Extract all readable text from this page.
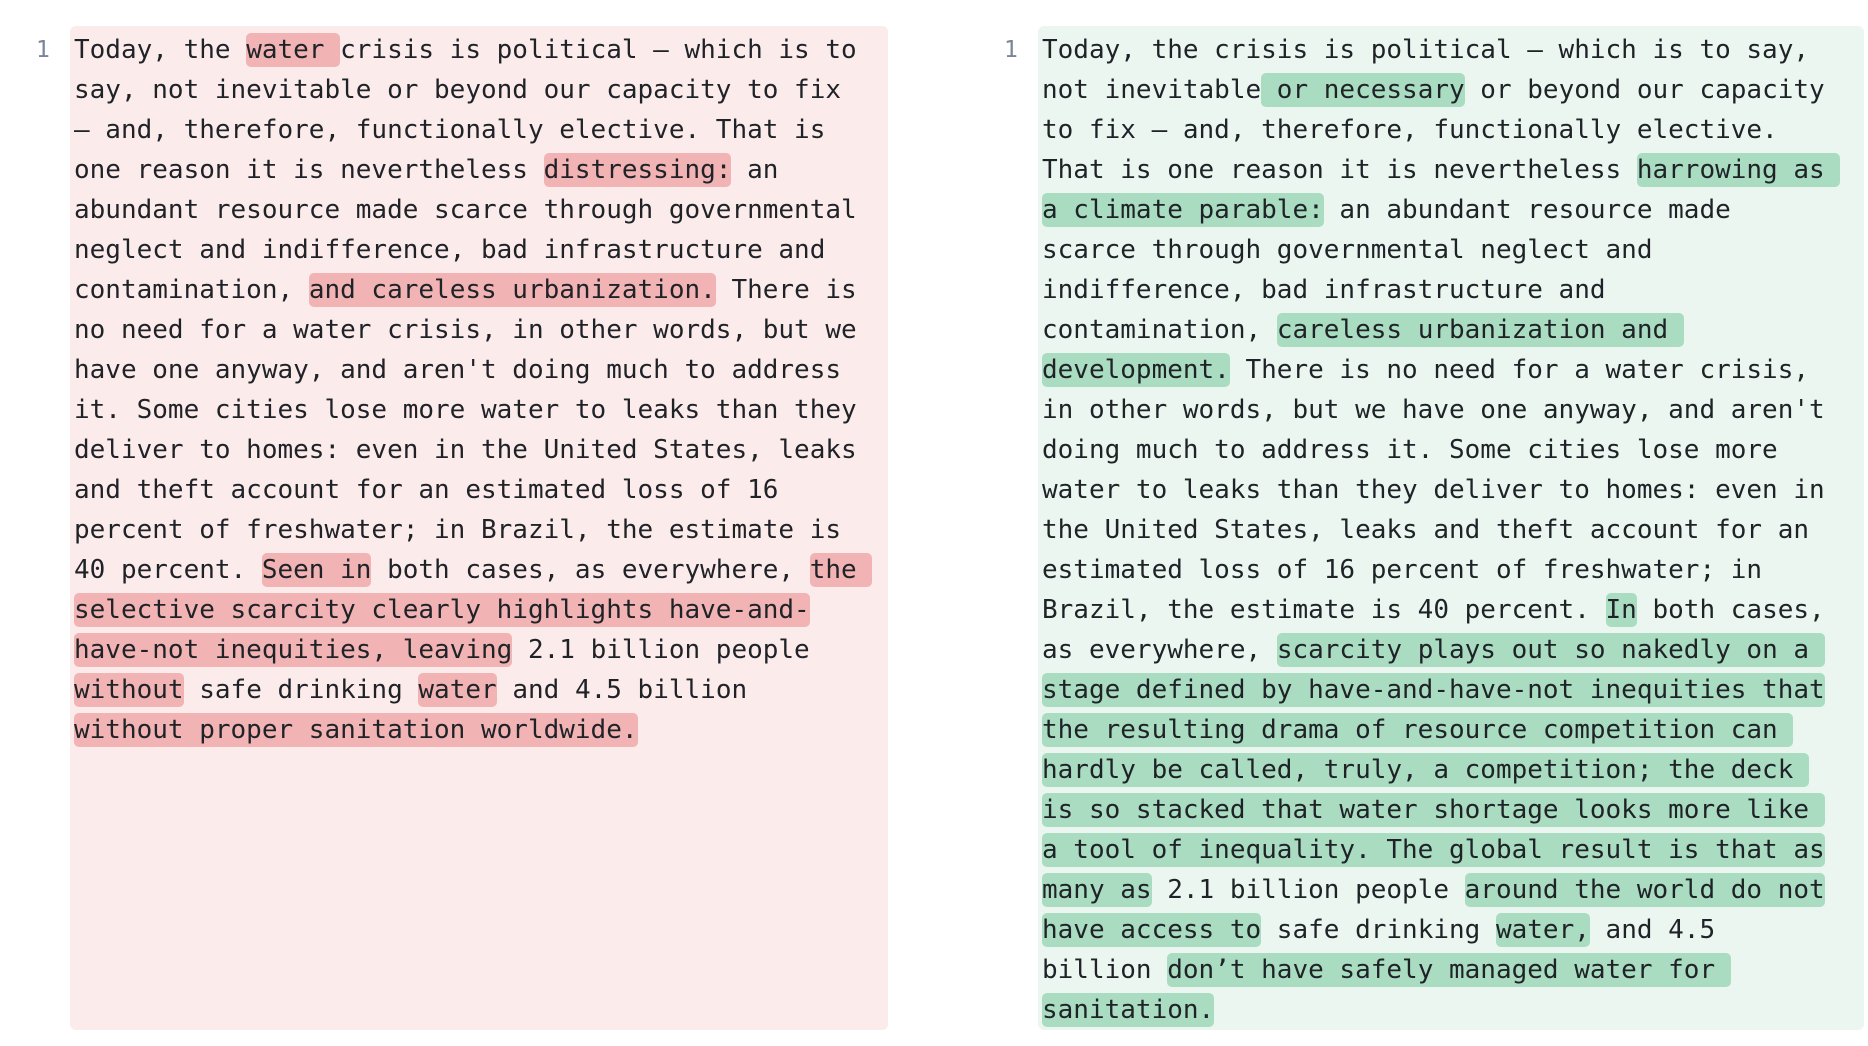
1 Today, the water crisis is political — which is to
say, not inevitable or beyond our capacity to fix
— and, therefore, functionally elective. That is
one reason it is nevertheless distressing: an
abundant resource made scarce through governmental
neglect and indifference, bad infrastructure and
contamination, and careless urbanization. There is
no need for a water crisis, in other words, but we
have one anyway, and aren't doing much to address
it. Some cities lose more water to leaks than they
deliver to homes: even in the United States, leaks
and theft account for an estimated loss of 16
percent of freshwater; in Brazil, the estimate is
40 percent. Seen in both cases, as everywhere, the
selective scarcity clearly highlights have-and-
have-not inequities, leaving 2.1 billion people
without safe drinking water and 4.5 billion
without proper sanitation worldwide.
1 Today, the crisis is political — which is to say,
not inevitable or necessary or beyond our capacity
to fix — and, therefore, functionally elective.
That is one reason it is nevertheless harrowing as
a climate parable: an abundant resource made
scarce through governmental neglect and
indifference, bad infrastructure and
contamination, careless urbanization and
development. There is no need for a water crisis,
in other words, but we have one anyway, and aren't
doing much to address it. Some cities lose more
water to leaks than they deliver to homes: even in
the United States, leaks and theft account for an
estimated loss of 16 percent of freshwater; in
Brazil, the estimate is 40 percent. In both cases,
as everywhere, scarcity plays out so nakedly on a
stage defined by have-and-have-not inequities that
the resulting drama of resource competition can
hardly be called, truly, a competition; the deck
is so stacked that water shortage looks more like
a tool of inequality. The global result is that as
many as 2.1 billion people around the world do not
have access to safe drinking water, and 4.5
billion don’t have safely managed water for
sanitation.
